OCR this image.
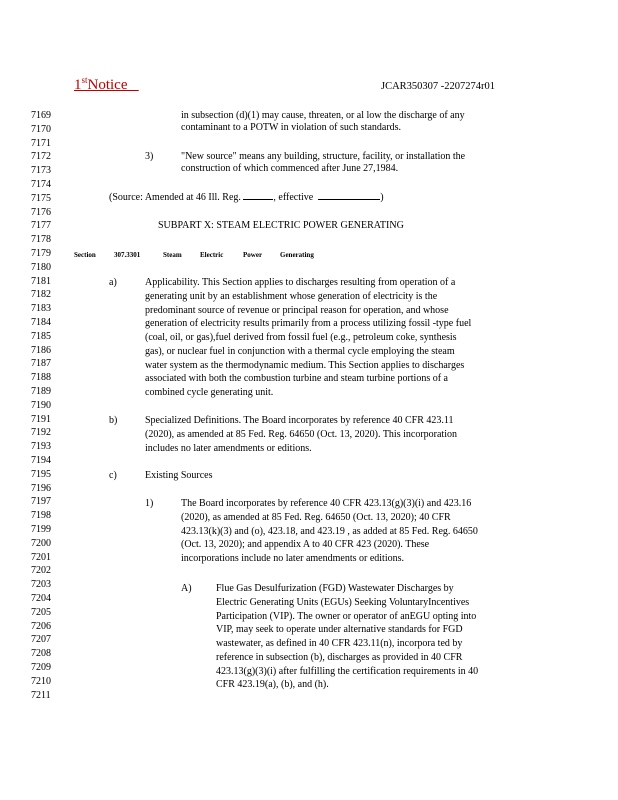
1stNotice	JCAR350307 -2207274r01
7169
7170
7171
7172
7173
7174
7175
7176
7177
7178
7179
7180
7181
7182
7183
7184
7185
7186
7187
7188
7189
7190
7191
7192
7193
7194
7195
7196
7197
7198
7199
7200
7201
7202
7203
7204
7205
7206
7207
7208
7209
7210
7211
in subsection (d)(1) may cause, threaten, or al low the discharge of any
contaminant to a POTW in violation of such standards.
3)	"New source" means any building, structure, facility, or installation the
construction of which commenced after June 27,1984.
(Source: Amended at 46 Ill. Reg.	, effective	)
SUBPART X: STEAM ELECTRIC POWER GENERATING
Section	307.3301	Steam	Electric	Power	Generating
a)	Applicability. This Section applies to discharges resulting from operation of a
generating unit by an establishment whose generation of electricity is the
predominant source of revenue or principal reason for operation, and whose
generation of electricity results primarily from a process utilizing fossil -type fuel
(coal, oil, or gas),fuel derived from fossil fuel (e.g., petroleum coke, synthesis
gas), or nuclear fuel in conjunction with a thermal cycle employing the steam
water system as the thermodynamic medium. This Section applies to discharges
associated with both the combustion turbine and steam turbine portions of a
combined cycle generating unit.
b)	Specialized Definitions. The Board incorporates by reference 40 CFR 423.11
(2020), as amended at 85 Fed. Reg. 64650 (Oct. 13, 2020). This incorporation
includes no later amendments or editions.
c)	Existing Sources
1)	The Board incorporates by reference 40 CFR 423.13(g)(3)(i) and 423.16
(2020), as amended at 85 Fed. Reg. 64650 (Oct. 13, 2020); 40 CFR
423.13(k)(3) and (o), 423.18, and 423.19 , as added at 85 Fed. Reg. 64650
(Oct. 13, 2020); and appendix A to 40 CFR 423 (2020). These
incorporations include no later amendments or editions.
A) Flue Gas Desulfurization (FGD) Wastewater Discharges by
Electric Generating Units (EGUs) Seeking VoluntaryIncentives
Participation (VIP). The owner or operator of anEGU opting into
VIP, may seek to operate under alternative standards for FGD
wastewater, as defined in 40 CFR 423.11(n), incorpora ted by
reference in subsection (b), discharges as provided in 40 CFR
423.13(g)(3)(i) after fulfilling the certification requirements in 40
CFR 423.19(a), (b), and (h).
